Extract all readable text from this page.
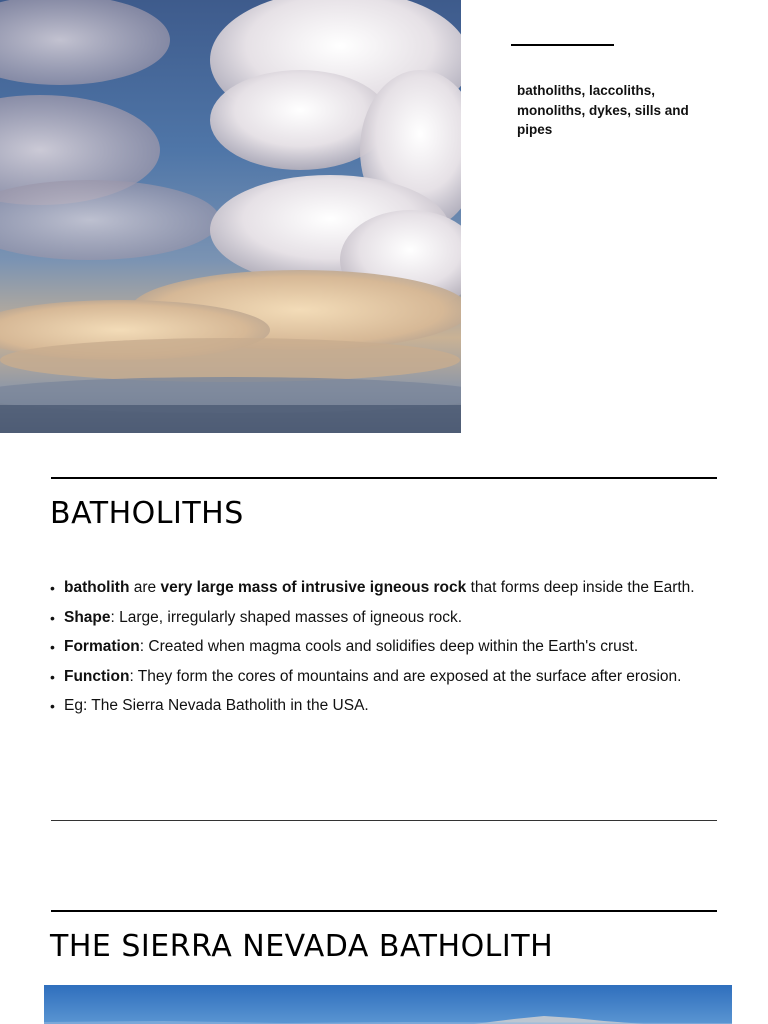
batholiths, laccoliths, monoliths, dykes, sills and pipes
BATHOLITHS
• batholith are very large mass of intrusive igneous rock that forms deep inside the Earth.
• Shape: Large, irregularly shaped masses of igneous rock.
• Formation: Created when magma cools and solidifies deep within the Earth's crust.
• Function: They form the cores of mountains and are exposed at the surface after erosion.
• Eg: The Sierra Nevada Batholith in the USA.
THE SIERRA NEVADA BATHOLITH
